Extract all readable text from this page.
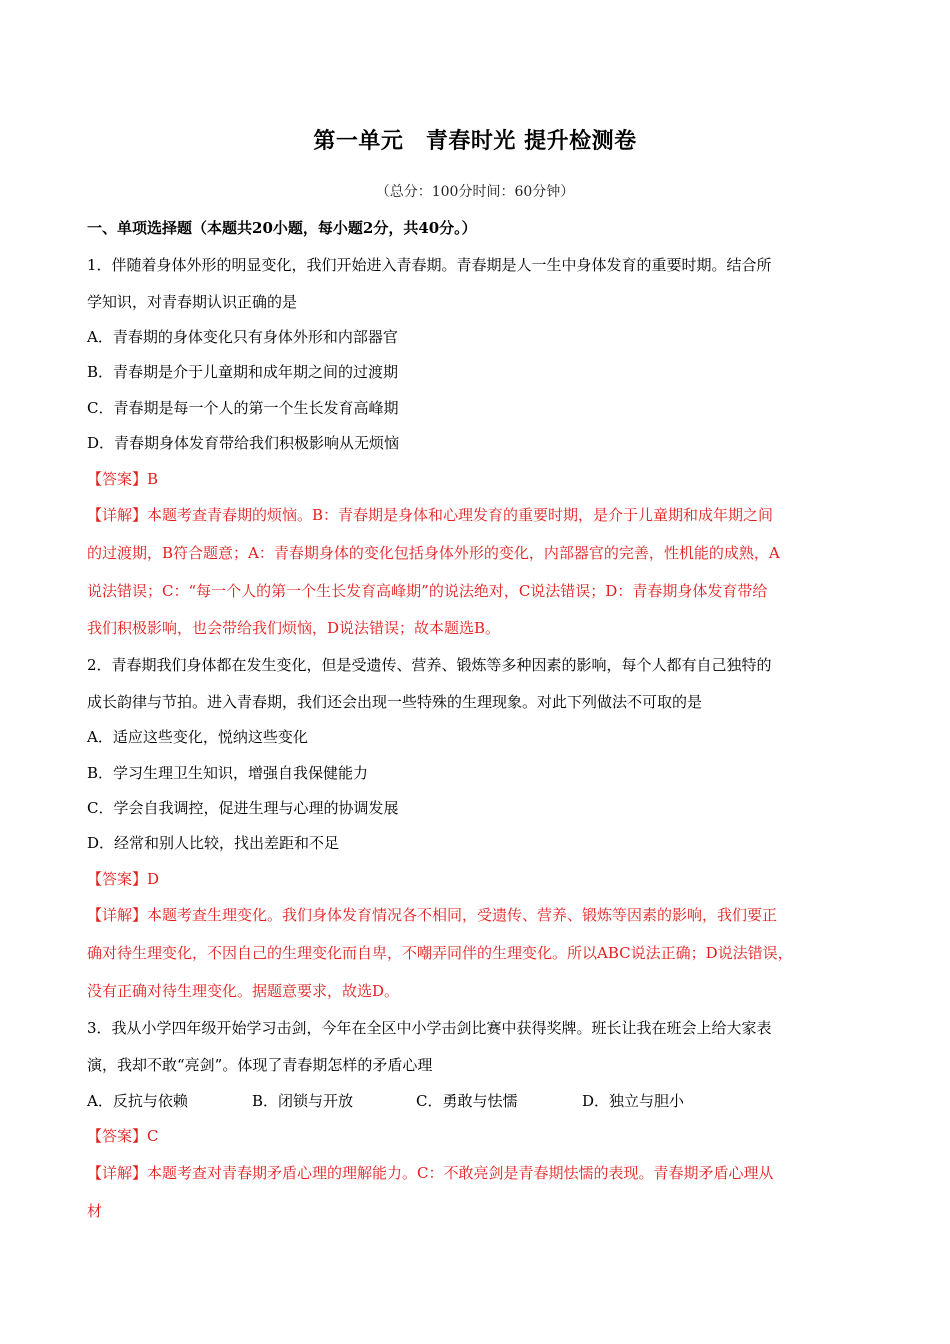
第一单元　青春时光 提升检测卷
（总分：100分时间：60分钟）
一、单项选择题（本题共20小题，每小题2分，共40分。）
1．伴随着身体外形的明显变化，我们开始进入青春期。青春期是人一生中身体发育的重要时期。结合所
学知识，对青春期认识正确的是
A．青春期的身体变化只有身体外形和内部器官
B．青春期是介于儿童期和成年期之间的过渡期
C．青春期是每一个人的第一个生长发育高峰期
D．青春期身体发育带给我们积极影响从无烦恼
【答案】B
【详解】本题考查青春期的烦恼。B：青春期是身体和心理发育的重要时期，是介于儿童期和成年期之间
的过渡期，B符合题意；A：青春期身体的变化包括身体外形的变化，内部器官的完善，性机能的成熟，A
说法错误；C：“每一个人的第一个生长发育高峰期”的说法绝对，C说法错误；D：青春期身体发育带给
我们积极影响，也会带给我们烦恼，D说法错误；故本题选B。
2．青春期我们身体都在发生变化，但是受遗传、营养、锻炼等多种因素的影响，每个人都有自己独特的
成长韵律与节拍。进入青春期，我们还会出现一些特殊的生理现象。对此下列做法不可取的是
A．适应这些变化，悦纳这些变化
B．学习生理卫生知识，增强自我保健能力
C．学会自我调控，促进生理与心理的协调发展
D．经常和别人比较，找出差距和不足
【答案】D
【详解】本题考查生理变化。我们身体发育情况各不相同，受遗传、营养、锻炼等因素的影响，我们要正
确对待生理变化，不因自己的生理变化而自卑，不嘲弄同伴的生理变化。所以ABC说法正确；D说法错误，
没有正确对待生理变化。据题意要求，故选D。
3．我从小学四年级开始学习击剑，今年在全区中小学击剑比赛中获得奖牌。班长让我在班会上给大家表
演，我却不敢“亮剑”。体现了青春期怎样的矛盾心理
A．反抗与依赖	B．闭锁与开放	C．勇敢与怯懦	D．独立与胆小
【答案】C
【详解】本题考查对青春期矛盾心理的理解能力。C：不敢亮剑是青春期怯懦的表现。青春期矛盾心理从
材
